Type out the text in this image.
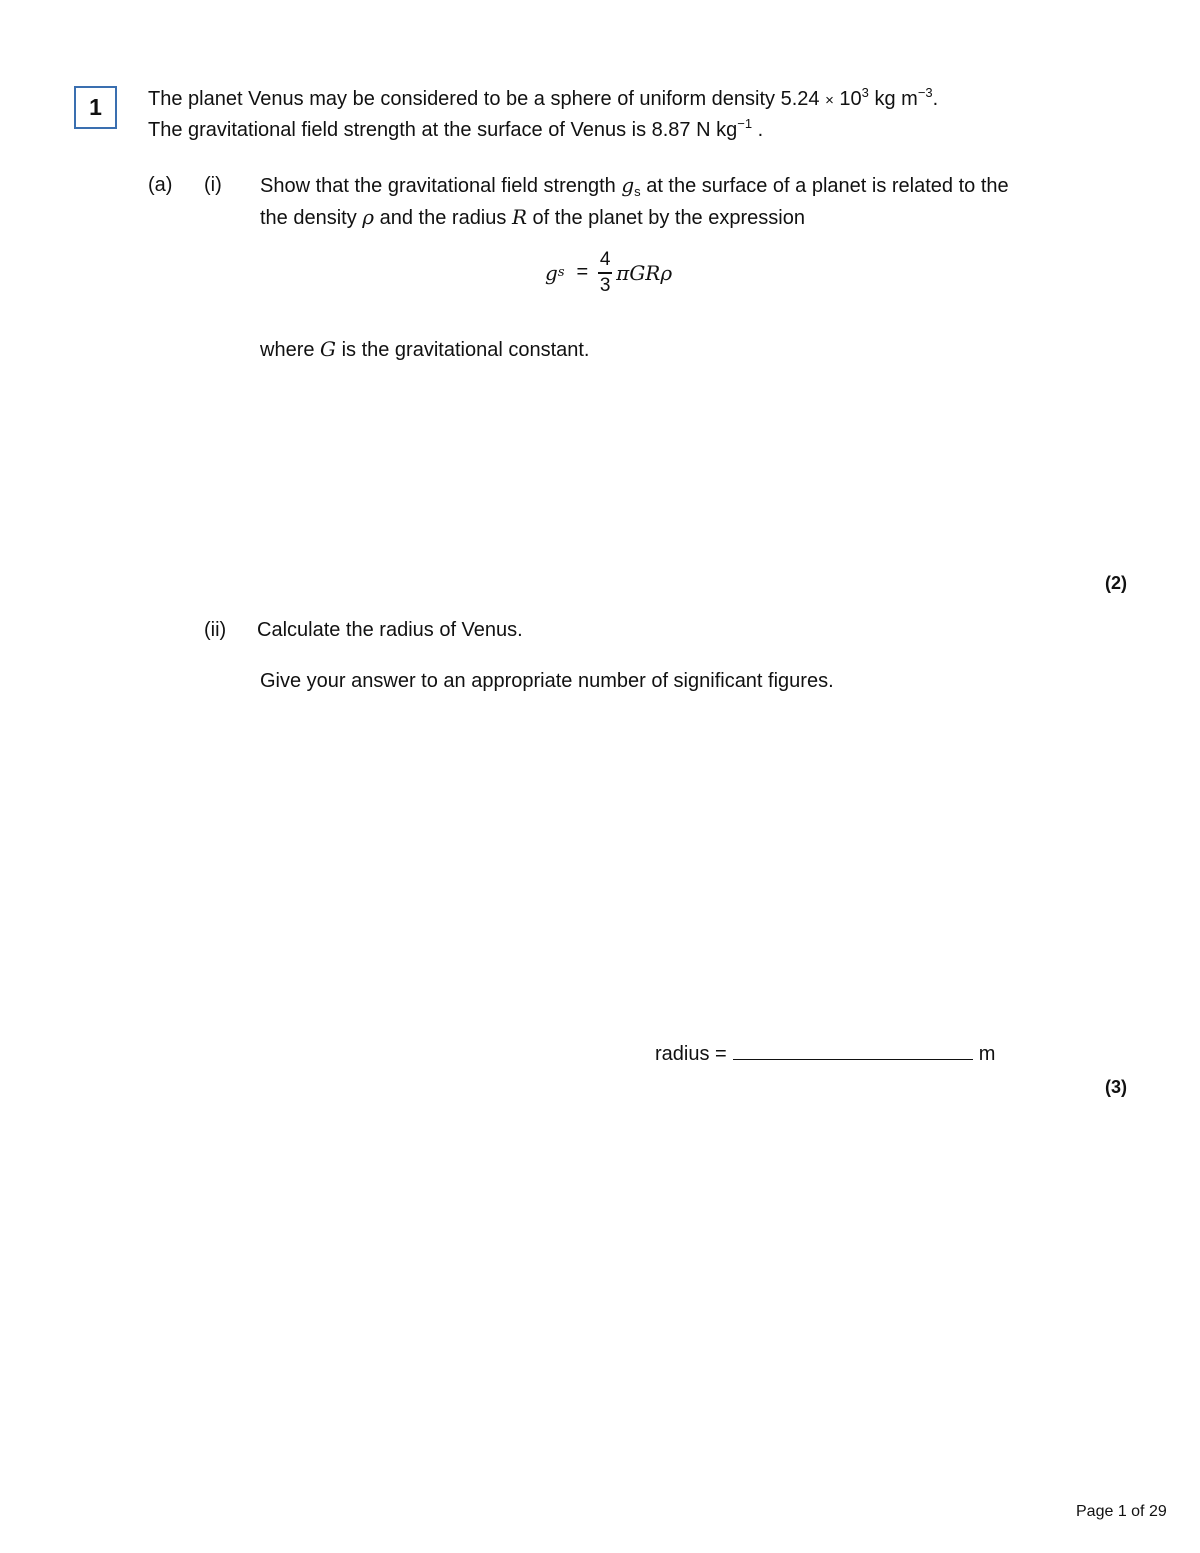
1 The planet Venus may be considered to be a sphere of uniform density $5.24 \times 10^3$ kg $m^{-3}$.
The gravitational field strength at the surface of Venus is 8.87 N $kg^{-1}$ .
(a) (i) Show that the gravitational field strength $g_s$ at the surface of a planet is related to the
the density ρ and the radius R of the planet by the expression
g $s = \frac{4}{3}$ πGRρ
where G is the gravitational constant.
(2)
(ii) Calculate the radius of Venus.
Give your answer to an appropriate number of significant figures.
radius =	m
(3)
Page 1 of 29
